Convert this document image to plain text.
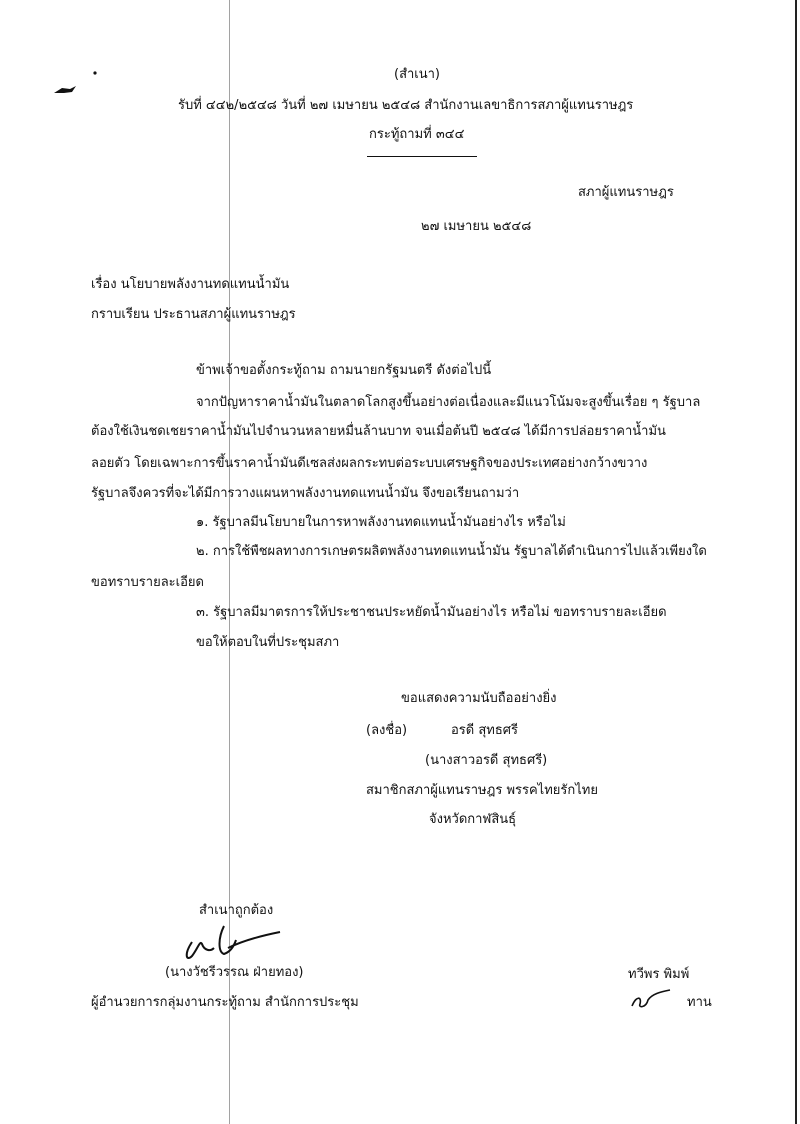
(สำเนา)
รับที่ ๔๔๒/๒๕๔๘ วันที่ ๒๗ เมษายน ๒๕๔๘ สำนักงานเลขาธิการสภาผู้แทนราษฎร
กระทู้ถามที่ ๓๔๔
สภาผู้แทนราษฎร
๒๗ เมษายน ๒๕๔๘
เรื่อง นโยบายพลังงานทดแทนน้ำมัน
กราบเรียน ประธานสภาผู้แทนราษฎร
ข้าพเจ้าขอตั้งกระทู้ถาม ถามนายกรัฐมนตรี ดังต่อไปนี้
จากปัญหาราคาน้ำมันในตลาดโลกสูงขึ้นอย่างต่อเนื่องและมีแนวโน้มจะสูงขึ้นเรื่อย ๆ รัฐบาล
ต้องใช้เงินชดเชยราคาน้ำมันไปจำนวนหลายหมื่นล้านบาท จนเมื่อต้นปี ๒๕๔๘ ได้มีการปล่อยราคาน้ำมัน
ลอยตัว โดยเฉพาะการขึ้นราคาน้ำมันดีเซลส่งผลกระทบต่อระบบเศรษฐกิจของประเทศอย่างกว้างขวาง
รัฐบาลจึงควรที่จะได้มีการวางแผนหาพลังงานทดแทนน้ำมัน จึงขอเรียนถามว่า
๑. รัฐบาลมีนโยบายในการหาพลังงานทดแทนน้ำมันอย่างไร หรือไม่
๒. การใช้พืชผลทางการเกษตรผลิตพลังงานทดแทนน้ำมัน รัฐบาลได้ดำเนินการไปแล้วเพียงใด
ขอทราบรายละเอียด
๓. รัฐบาลมีมาตรการให้ประชาชนประหยัดน้ำมันอย่างไร หรือไม่ ขอทราบรายละเอียด
ขอให้ตอบในที่ประชุมสภา
ขอแสดงความนับถืออย่างยิ่ง
(ลงชื่อ)	อรดี สุทธศรี
(นางสาวอรดี สุทธศรี)
สมาชิกสภาผู้แทนราษฎร พรรคไทยรักไทย
จังหวัดกาฬสินธุ์
สำเนาถูกต้อง
(นางวัชรีวรรณ ฝ่ายทอง)
ผู้อำนวยการกลุ่มงานกระทู้ถาม สำนักการประชุม
ทวีพร พิมพ์
ทาน
